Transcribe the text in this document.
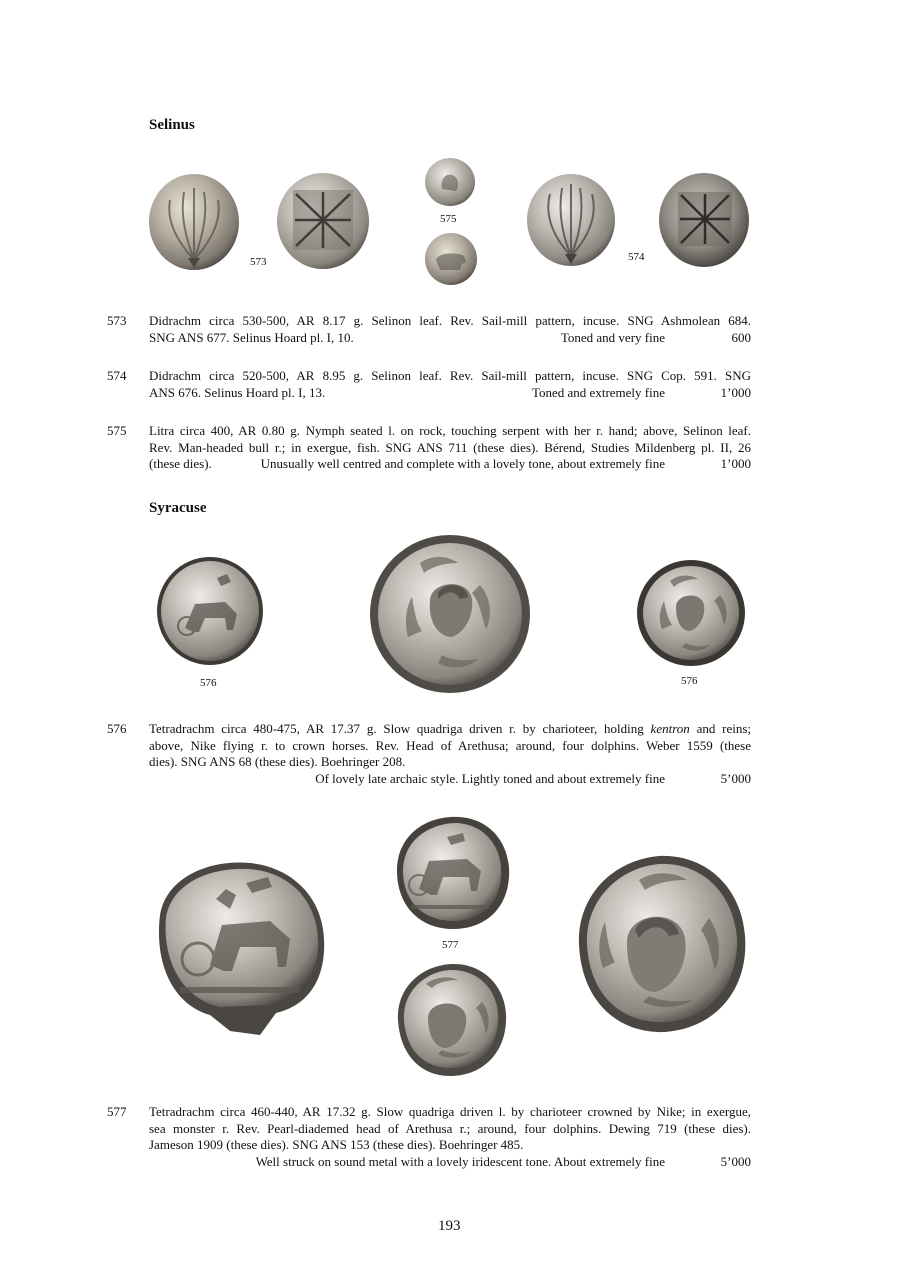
Selinus
573
575
574
573 Didrachm circa 530-500, AR 8.17 g. Selinon leaf. Rev. Sail-mill pattern, incuse. SNG Ashmolean 684.
SNG ANS 677. Selinus Hoard pl. I, 10.	Toned and very fine	600
574 Didrachm circa 520-500, AR 8.95 g. Selinon leaf. Rev. Sail-mill pattern, incuse. SNG Cop. 591. SNG
ANS 676. Selinus Hoard pl. I, 13.	Toned and extremely fine	1’000
575 Litra circa 400, AR 0.80 g. Nymph seated l. on rock, touching serpent with her r. hand; above, Selinon leaf.
Rev. Man-headed bull r.; in exergue, fish. SNG ANS 711 (these dies). Bérend, Studies Mildenberg pl. II, 26
(these dies).	Unusually well centred and complete with a lovely tone, about extremely fine	1’000
Syracuse
576	576
576 Tetradrachm circa 480-475, AR 17.37 g. Slow quadriga driven r. by charioteer, holding kentron and reins;
above, Nike flying r. to crown horses. Rev. Head of Arethusa; around, four dolphins. Weber 1559 (these
dies). SNG ANS 68 (these dies). Boehringer 208.
Of lovely late archaic style. Lightly toned and about extremely fine	5’000
577
577 Tetradrachm circa 460-440, AR 17.32 g. Slow quadriga driven l. by charioteer crowned by Nike; in exergue,
sea monster r. Rev. Pearl-diademed head of Arethusa r.; around, four dolphins. Dewing 719 (these dies).
Jameson 1909 (these dies). SNG ANS 153 (these dies). Boehringer 485.
Well struck on sound metal with a lovely iridescent tone. About extremely fine	5’000
193
